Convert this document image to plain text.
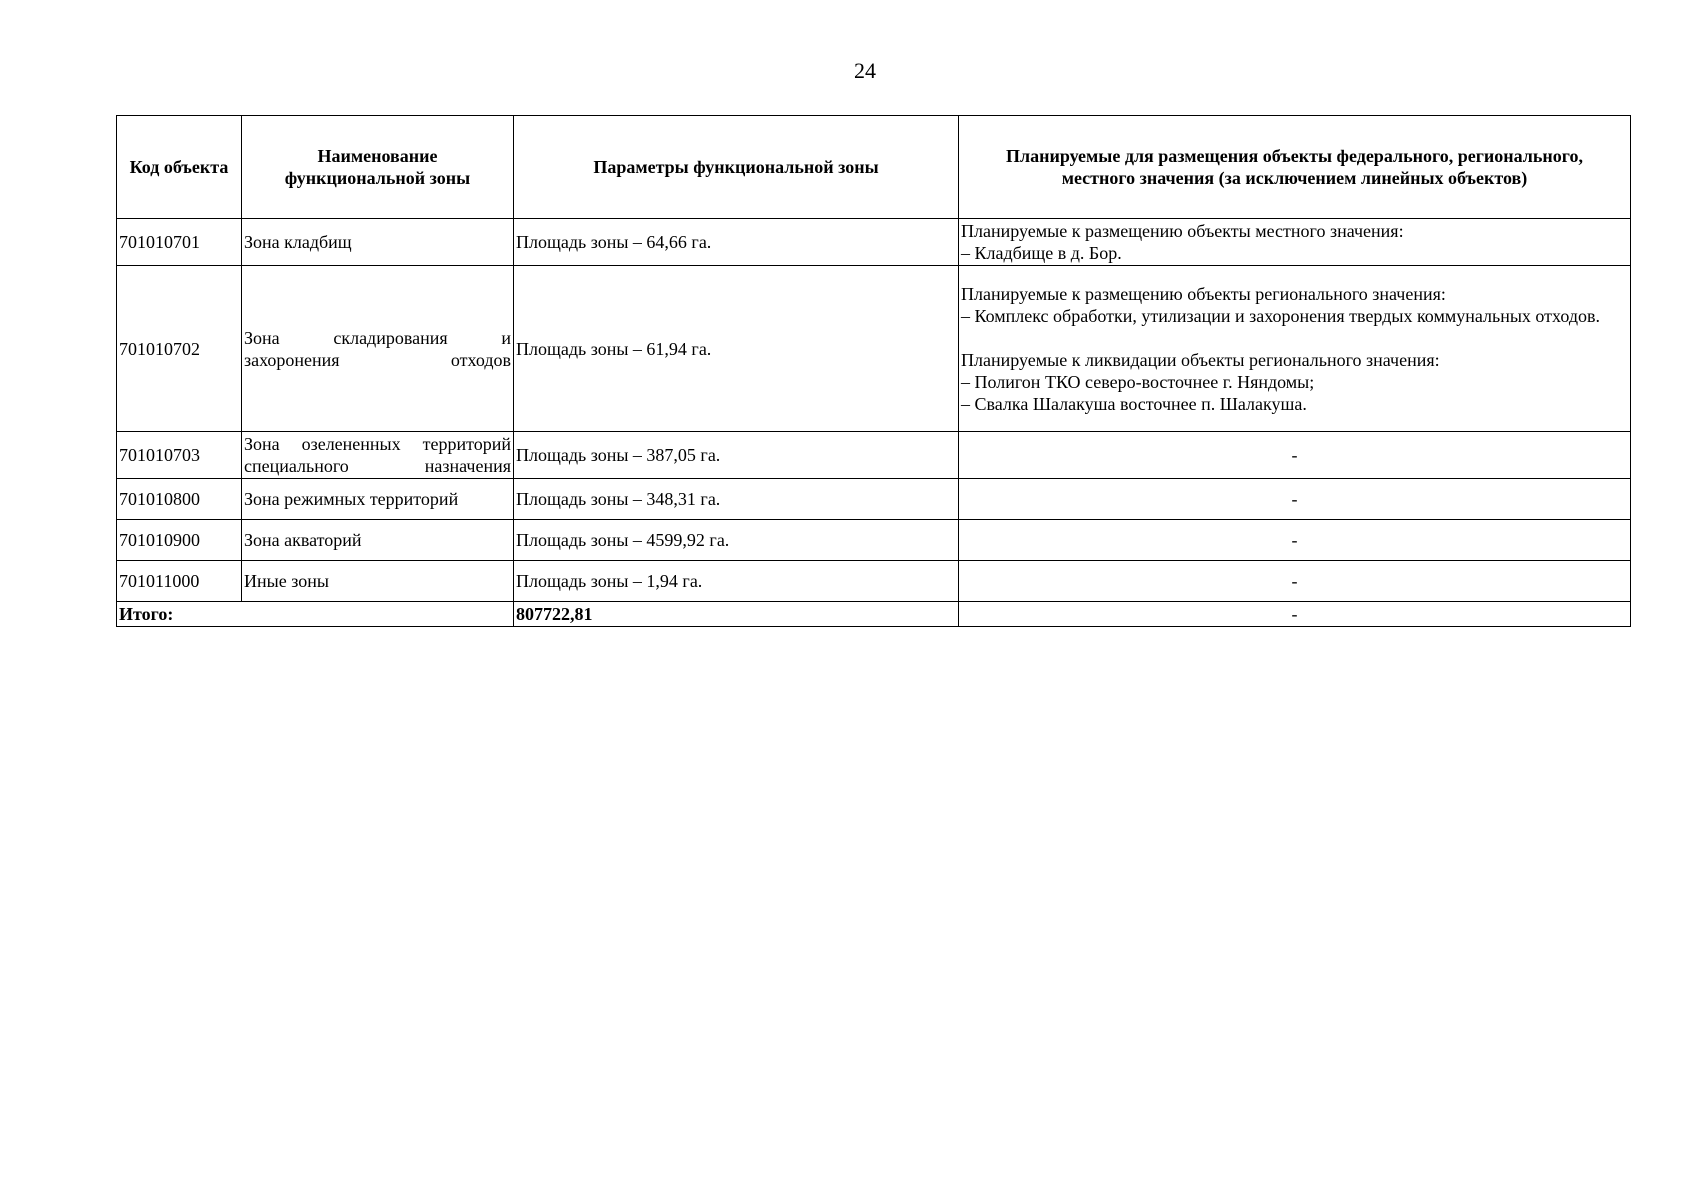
24
Код объекта	Наименование функциональной зоны	Параметры функциональной зоны	Планируемые для размещения объекты федерального, регионального, местного значения (за исключением линейных объектов)
701010701	Зона кладбищ	Площадь зоны – 64,66 га.	Планируемые к размещению объекты местного значения:
‒ Кладбище в д. Бор.

701010702	Зона складирования и захоронения отходов	Площадь зоны – 61,94 га.	Планируемые к размещению объекты регионального значения:
‒ Комплекс обработки, утилизации и захоронения твердых коммунальных отходов.
Планируемые к ликвидации объекты регионального значения:
‒ Полигон ТКО северо-восточнее г. Няндомы;
‒ Свалка Шалакуша восточнее п. Шалакуша.

701010703	Зона озелененных территорий специального назначения	Площадь зоны – 387,05 га.	-
701010800	Зона режимных территорий	Площадь зоны – 348,31 га.	-
701010900	Зона акваторий	Площадь зоны – 4599,92 га.	-
701011000	Иные зоны	Площадь зоны – 1,94 га.	-
Итого:		807722,81	-
